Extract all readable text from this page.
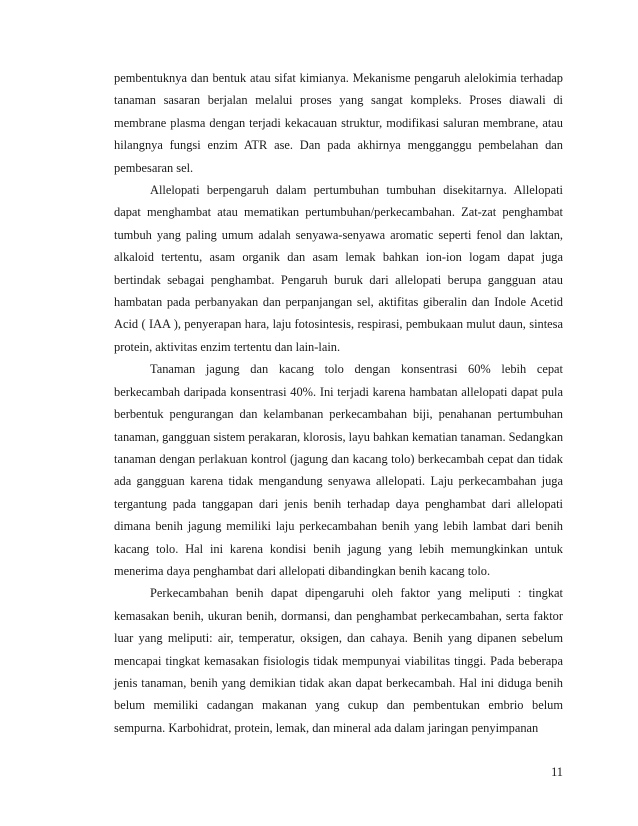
pembentuknya dan bentuk atau sifat kimianya. Mekanisme pengaruh alelokimia terhadap tanaman sasaran berjalan melalui proses yang sangat kompleks. Proses diawali di membrane plasma dengan terjadi kekacauan struktur, modifikasi saluran membrane, atau hilangnya fungsi enzim ATR ase. Dan pada akhirnya mengganggu pembelahan dan pembesaran sel.

Allelopati berpengaruh dalam pertumbuhan tumbuhan disekitarnya. Allelopati dapat menghambat atau mematikan pertumbuhan/perkecambahan. Zat-zat penghambat tumbuh yang paling umum adalah senyawa-senyawa aromatic seperti fenol dan laktan, alkaloid tertentu, asam organik dan asam lemak bahkan ion-ion logam dapat juga bertindak sebagai penghambat. Pengaruh buruk dari allelopati berupa gangguan atau hambatan pada perbanyakan dan perpanjangan sel, aktifitas giberalin dan Indole Acetid Acid ( IAA ), penyerapan hara, laju fotosintesis, respirasi, pembukaan mulut daun, sintesa protein, aktivitas enzim tertentu dan lain-lain.

Tanaman jagung dan kacang tolo dengan konsentrasi 60% lebih cepat berkecambah daripada konsentrasi 40%. Ini terjadi karena hambatan allelopati dapat pula berbentuk pengurangan dan kelambanan perkecambahan biji, penahanan pertumbuhan tanaman, gangguan sistem perakaran, klorosis, layu bahkan kematian tanaman. Sedangkan tanaman dengan perlakuan kontrol (jagung dan kacang tolo) berkecambah cepat dan tidak ada gangguan karena tidak mengandung senyawa allelopati. Laju perkecambahan juga tergantung pada tanggapan dari jenis benih terhadap daya penghambat dari allelopati dimana benih jagung memiliki laju perkecambahan benih yang lebih lambat dari benih kacang tolo. Hal ini karena kondisi benih jagung yang lebih memungkinkan untuk menerima daya penghambat dari allelopati dibandingkan benih kacang tolo.

Perkecambahan benih dapat dipengaruhi oleh faktor yang meliputi : tingkat kemasakan benih, ukuran benih, dormansi, dan penghambat perkecambahan, serta faktor luar yang meliputi: air, temperatur, oksigen, dan cahaya. Benih yang dipanen sebelum mencapai tingkat kemasakan fisiologis tidak mempunyai viabilitas tinggi. Pada beberapa jenis tanaman, benih yang demikian tidak akan dapat berkecambah. Hal ini diduga benih belum memiliki cadangan makanan yang cukup dan pembentukan embrio belum sempurna. Karbohidrat, protein, lemak, dan mineral ada dalam jaringan penyimpanan

11
